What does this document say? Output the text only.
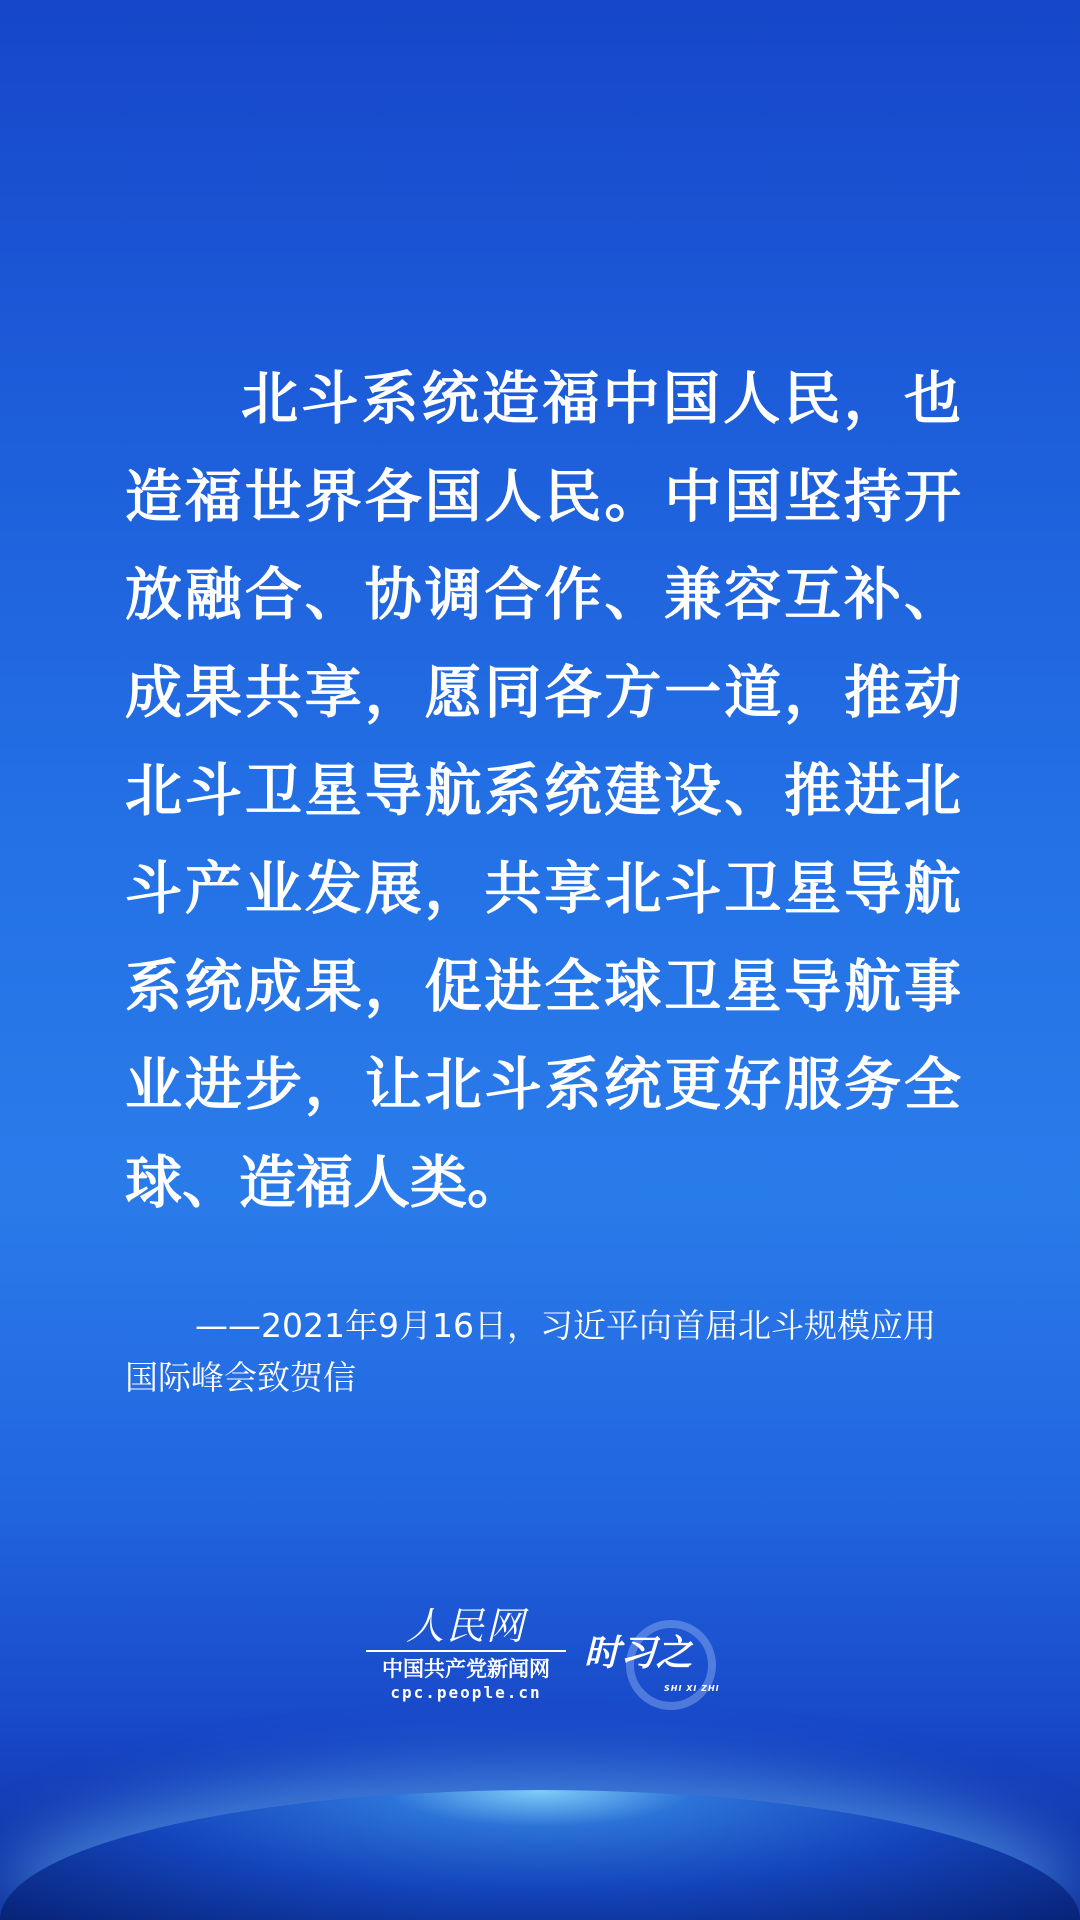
北斗系统造福中国人民，也
造福世界各国人民。中国坚持开
放融合、协调合作、兼容互补、
成果共享，愿同各方一道，推动
北斗卫星导航系统建设、推进北
斗产业发展，共享北斗卫星导航
系统成果，促进全球卫星导航事
业进步，让北斗系统更好服务全
球、造福人类。
——2021年9月16日，习近平向首届北斗规模应用
国际峰会致贺信
人民网
中国共产党新闻网
cpc.people.cn
时习之
SHI XI ZHI
